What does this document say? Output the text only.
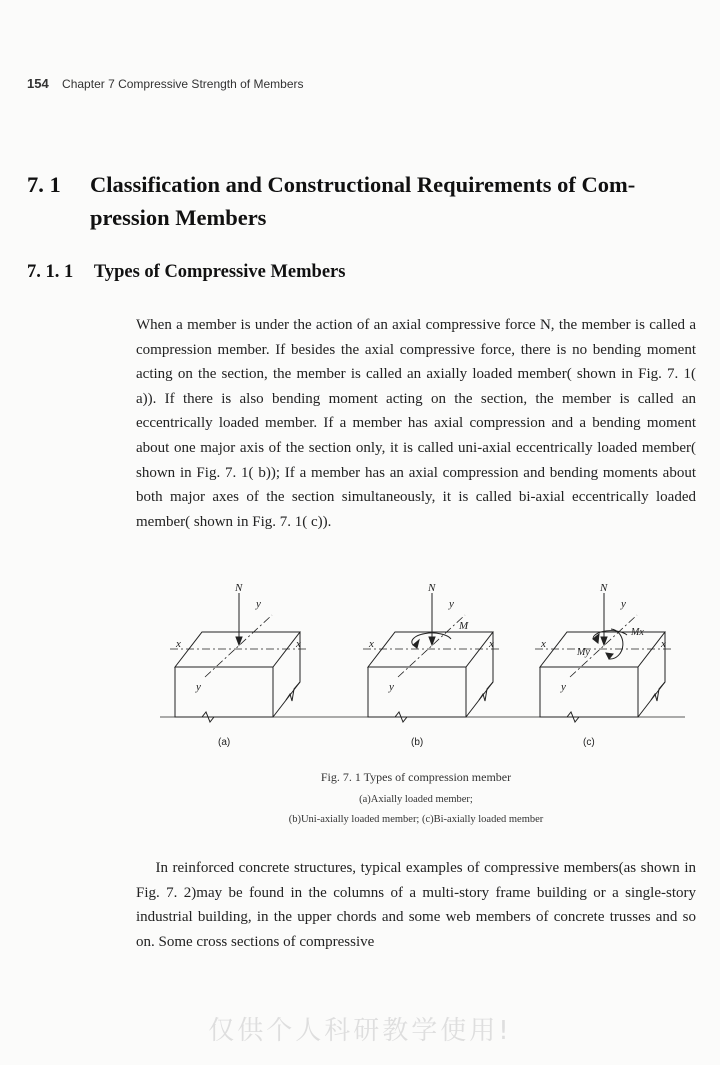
154 Chapter 7 Compressive Strength of Members
7. 1 Classification and Constructional Requirements of Com-pression Members
7. 1. 1 Types of Compressive Members

When a member is under the action of an axial compressive force N, the member is called a compression member. If besides the axial compressive force, there is no bending moment acting on the section, the member is called an axially loaded member( shown in Fig. 7. 1( a)). If there is also bending moment acting on the section, the member is called an eccentrically loaded member. If a member has axial compression and a bending moment about one major axis of the section only, it is called uni-axial eccentrically loaded member( shown in Fig. 7. 1( b)); If a member has an axial compression and bending moments about both major axes of the section simultaneously, it is called bi-axial eccentrically loaded member( shown in Fig. 7. 1( c)).

N
y
y
x	x
(a)
N
y
M
y
x	x
(b)
N
y
Mx
My
y
x	x
(c)
Fig. 7. 1 Types of compression member
(a)Axially loaded member;
(b)Uni-axially loaded member; (c)Bi-axially loaded member

In reinforced concrete structures, typical examples of compressive members(as shown in Fig. 7. 2)may be found in the columns of a multi-story frame building or a single-story industrial building, in the upper chords and some web members of concrete trusses and so on. Some cross sections of compressive

仅供个人科研教学使用!
